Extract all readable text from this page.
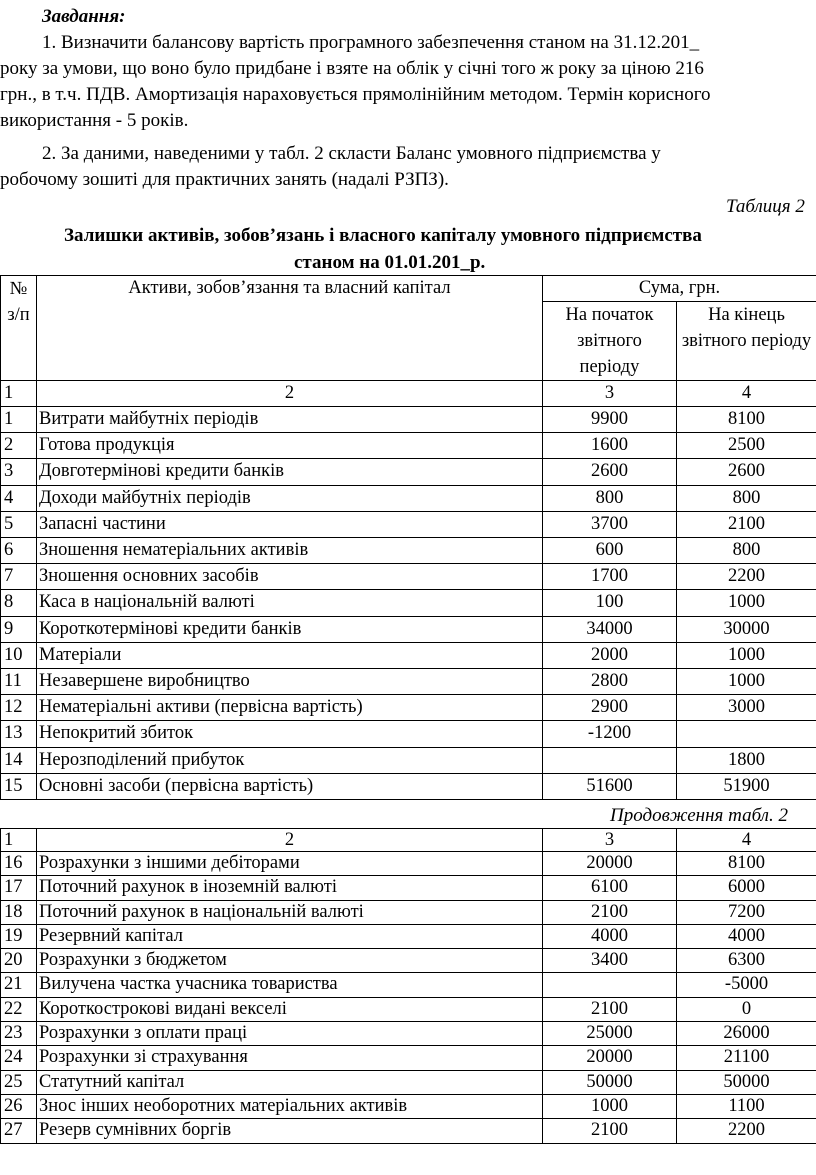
Завдання:
1. Визначити балансову вартість програмного забезпечення станом на 31.12.201_
року за умови, що воно було придбане і взяте на облік у січні того ж року за ціною 216
грн., в т.ч. ПДВ. Амортизація нараховується прямолінійним методом. Термін корисного
використання - 5 років.
2. За даними, наведеними у табл. 2 скласти Баланс умовного підприємства у
робочому зошиті для практичних занять (надалі РЗПЗ).
Таблиця 2
Залишки активів, зобов’язань і власного капіталу умовного підприємства
станом на 01.01.201_р.
№ з/п	Активи, зобов’язання та власний капітал	Сума, грн.	
		На початок звітного періоду	На кінець звітного періоду
1	2	3	4
1	Витрати майбутніх періодів	9900	8100
2	Готова продукція	1600	2500
3	Довготермінові кредити банків	2600	2600
4	Доходи майбутніх періодів	800	800
5	Запасні частини	3700	2100
6	Зношення нематеріальних активів	600	800
7	Зношення основних засобів	1700	2200
8	Каса в національній валюті	100	1000
9	Короткотермінові кредити банків	34000	30000
10	Матеріали	2000	1000
11	Незавершене виробництво	2800	1000
12	Нематеріальні активи (первісна вартість)	2900	3000
13	Непокритий збиток	-1200	
14	Нерозподілений прибуток		1800
15	Основні засоби (первісна вартість)	51600	51900
Продовження табл. 2
1	2	3	4
16	Розрахунки з іншими дебіторами	20000	8100
17	Поточний рахунок в іноземній валюті	6100	6000
18	Поточний рахунок в національній валюті	2100	7200
19	Резервний капітал	4000	4000
20	Розрахунки з бюджетом	3400	6300
21	Вилучена частка учасника товариства		-5000
22	Короткострокові видані векселі	2100	0
23	Розрахунки з оплати праці	25000	26000
24	Розрахунки зі страхування	20000	21100
25	Статутний капітал	50000	50000
26	Знос інших необоротних матеріальних активів	1000	1100
27	Резерв сумнівних боргів	2100	2200
